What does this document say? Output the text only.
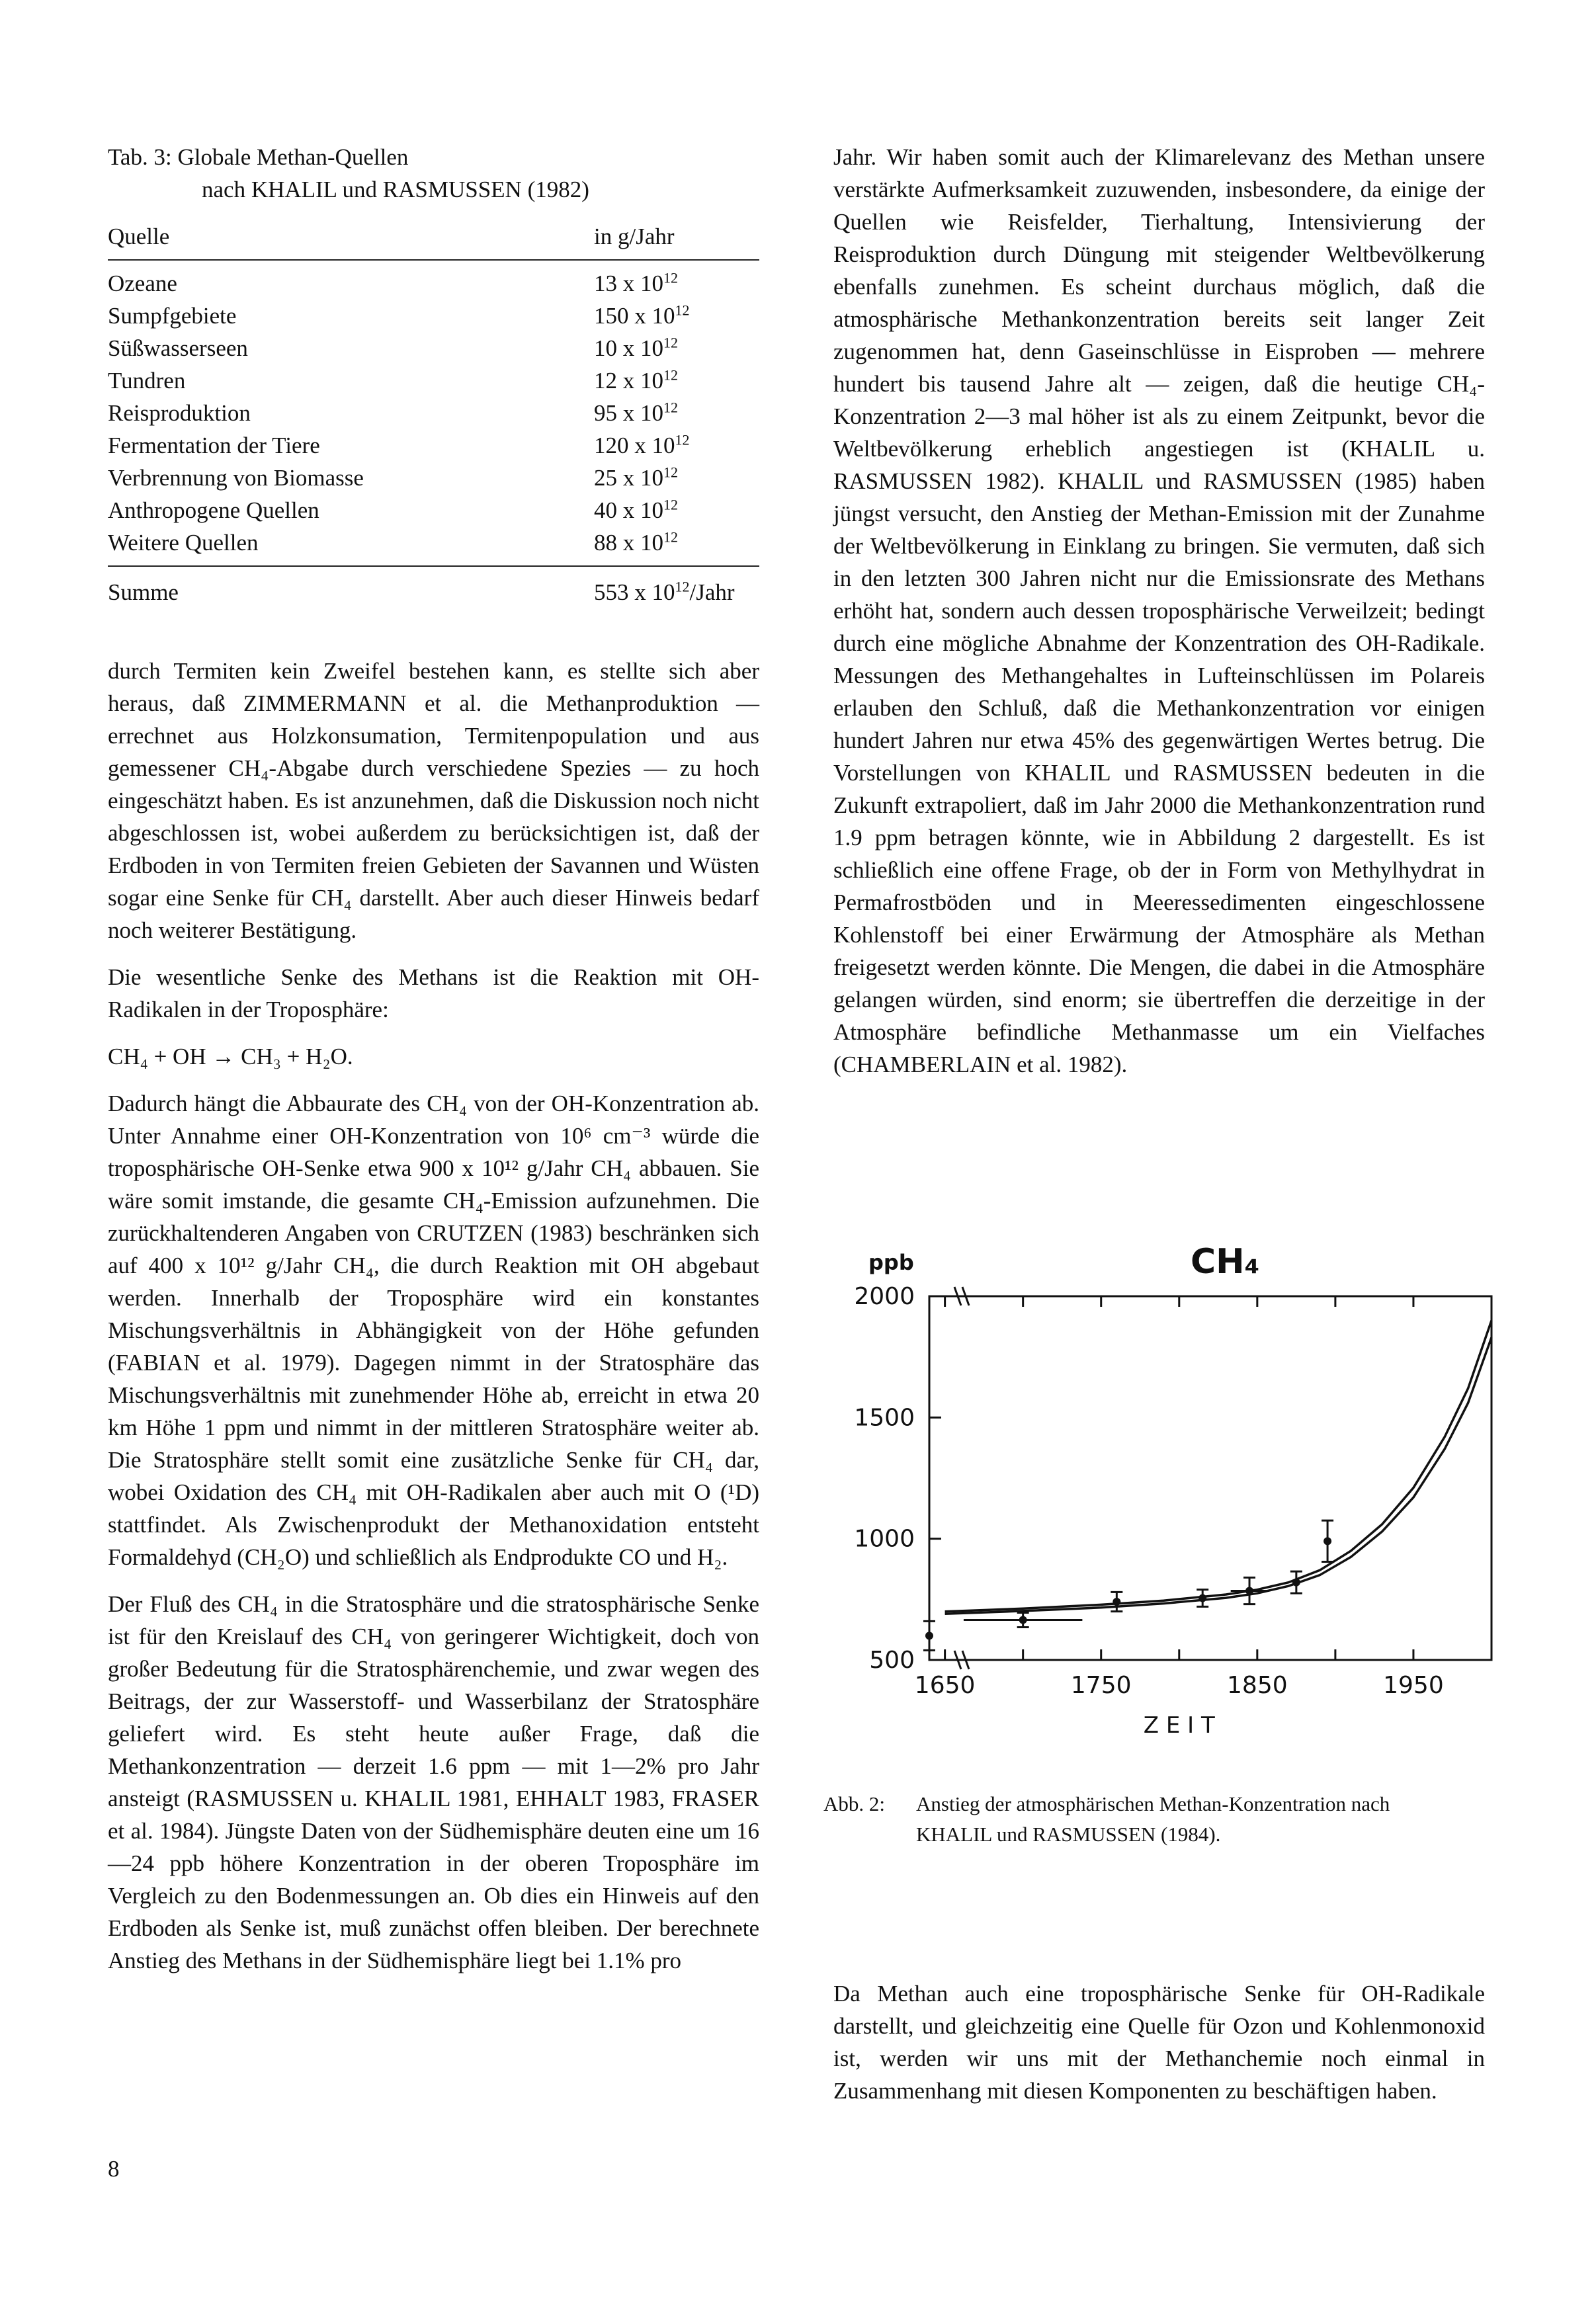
Tab. 3: Globale Methan-Quellen
nach KHALIL und RASMUSSEN (1982)
Quelle	in g/Jahr
Ozeane	13 x $10^{12}$
Sumpfgebiete	150 x $10^{12}$
Süßwasserseen	10 x $10^{12}$
Tundren	12 x $10^{12}$
Reisproduktion	95 x $10^{12}$
Fermentation der Tiere	120 x $10^{12}$
Verbrennung von Biomasse	25 x $10^{12}$
Anthropogene Quellen	40 x $10^{12}$
Weitere Quellen	88 x $10^{12}$
Summe	553 x $10^{12}$/Jahr

durch Termiten kein Zweifel bestehen kann, es stellte sich aber heraus, daß ZIMMERMANN et al. die Methanproduktion — errechnet aus Holzkonsumation, Termitenpopulation und aus gemessener CH₄-Abgabe durch verschiedene Spezies — zu hoch eingeschätzt haben. Es ist anzunehmen, daß die Diskussion noch nicht abgeschlossen ist, wobei außerdem zu berücksichtigen ist, daß der Erdboden in von Termiten freien Gebieten der Savannen und Wüsten sogar eine Senke für CH₄ darstellt. Aber auch dieser Hinweis bedarf noch weiterer Bestätigung.

Die wesentliche Senke des Methans ist die Reaktion mit OH-Radikalen in der Troposphäre:

CH₄ + OH → CH₃ + H₂O.

Dadurch hängt die Abbaurate des CH₄ von der OH-Konzentration ab. Unter Annahme einer OH-Konzentration von 10⁶ cm⁻³ würde die troposphärische OH-Senke etwa 900 x 10¹² g/Jahr CH₄ abbauen. Sie wäre somit imstande, die gesamte CH₄-Emission aufzunehmen. Die zurückhaltenderen Angaben von CRUTZEN (1983) beschränken sich auf 400 x 10¹² g/Jahr CH₄, die durch Reaktion mit OH abgebaut werden. Innerhalb der Troposphäre wird ein konstantes Mischungsverhältnis in Abhängigkeit von der Höhe gefunden (FABIAN et al. 1979). Dagegen nimmt in der Stratosphäre das Mischungsverhältnis mit zunehmender Höhe ab, erreicht in etwa 20 km Höhe 1 ppm und nimmt in der mittleren Stratosphäre weiter ab. Die Stratosphäre stellt somit eine zusätzliche Senke für CH₄ dar, wobei Oxidation des CH₄ mit OH-Radikalen aber auch mit O (¹D) stattfindet. Als Zwischenprodukt der Methanoxidation entsteht Formaldehyd (CH₂O) und schließlich als Endprodukte CO und H₂.

Der Fluß des CH₄ in die Stratosphäre und die stratosphärische Senke ist für den Kreislauf des CH₄ von geringerer Wichtigkeit, doch von großer Bedeutung für die Stratosphärenchemie, und zwar wegen des Beitrags, der zur Wasserstoff- und Wasserbilanz der Stratosphäre geliefert wird. Es steht heute außer Frage, daß die Methankonzentration — derzeit 1.6 ppm — mit 1—2% pro Jahr ansteigt (RASMUSSEN u. KHALIL 1981, EHHALT 1983, FRASER et al. 1984). Jüngste Daten von der Südhemisphäre deuten eine um 16—24 ppb höhere Konzentration in der oberen Troposphäre im Vergleich zu den Bodenmessungen an. Ob dies ein Hinweis auf den Erdboden als Senke ist, muß zunächst offen bleiben. Der berechnete Anstieg des Methans in der Südhemisphäre liegt bei 1.1% pro

Jahr. Wir haben somit auch der Klimarelevanz des Methan unsere verstärkte Aufmerksamkeit zuzuwenden, insbesondere, da einige der Quellen wie Reisfelder, Tierhaltung, Intensivierung der Reisproduktion durch Düngung mit steigender Weltbevölkerung ebenfalls zunehmen. Es scheint durchaus möglich, daß die atmosphärische Methankonzentration bereits seit langer Zeit zugenommen hat, denn Gaseinschlüsse in Eisproben — mehrere hundert bis tausend Jahre alt — zeigen, daß die heutige CH₄-Konzentration 2—3 mal höher ist als zu einem Zeitpunkt, bevor die Weltbevölkerung erheblich angestiegen ist (KHALIL u. RASMUSSEN 1982). KHALIL und RASMUSSEN (1985) haben jüngst versucht, den Anstieg der Methan-Emission mit der Zunahme der Weltbevölkerung in Einklang zu bringen. Sie vermuten, daß sich in den letzten 300 Jahren nicht nur die Emissionsrate des Methans erhöht hat, sondern auch dessen troposphärische Verweilzeit; bedingt durch eine mögliche Abnahme der Konzentration des OH-Radikale. Messungen des Methangehaltes in Lufteinschlüssen im Polareis erlauben den Schluß, daß die Methankonzentration vor einigen hundert Jahren nur etwa 45% des gegenwärtigen Wertes betrug. Die Vorstellungen von KHALIL und RASMUSSEN bedeuten in die Zukunft extrapoliert, daß im Jahr 2000 die Methankonzentration rund 1.9 ppm betragen könnte, wie in Abbildung 2 dargestellt. Es ist schließlich eine offene Frage, ob der in Form von Methylhydrat in Permafrostböden und in Meeressedimenten eingeschlossene Kohlenstoff bei einer Erwärmung der Atmosphäre als Methan freigesetzt werden könnte. Die Mengen, die dabei in die Atmosphäre gelangen würden, sind enorm; sie übertreffen die derzeitige in der Atmosphäre befindliche Methanmasse um ein Vielfaches (CHAMBERLAIN et al. 1982).

500
1000
1500
2000
1650	1750	1850	1950
ppb	CH₄
Z E I T
Abb. 2: Anstieg der atmosphärischen Methan-Konzentration nach
KHALIL und RASMUSSEN (1984).
Da Methan auch eine troposphärische Senke für OH-Radikale darstellt, und gleichzeitig eine Quelle für Ozon und Kohlenmonoxid ist, werden wir uns mit der Methanchemie noch einmal in Zusammenhang mit diesen Komponenten zu beschäftigen haben.
8
